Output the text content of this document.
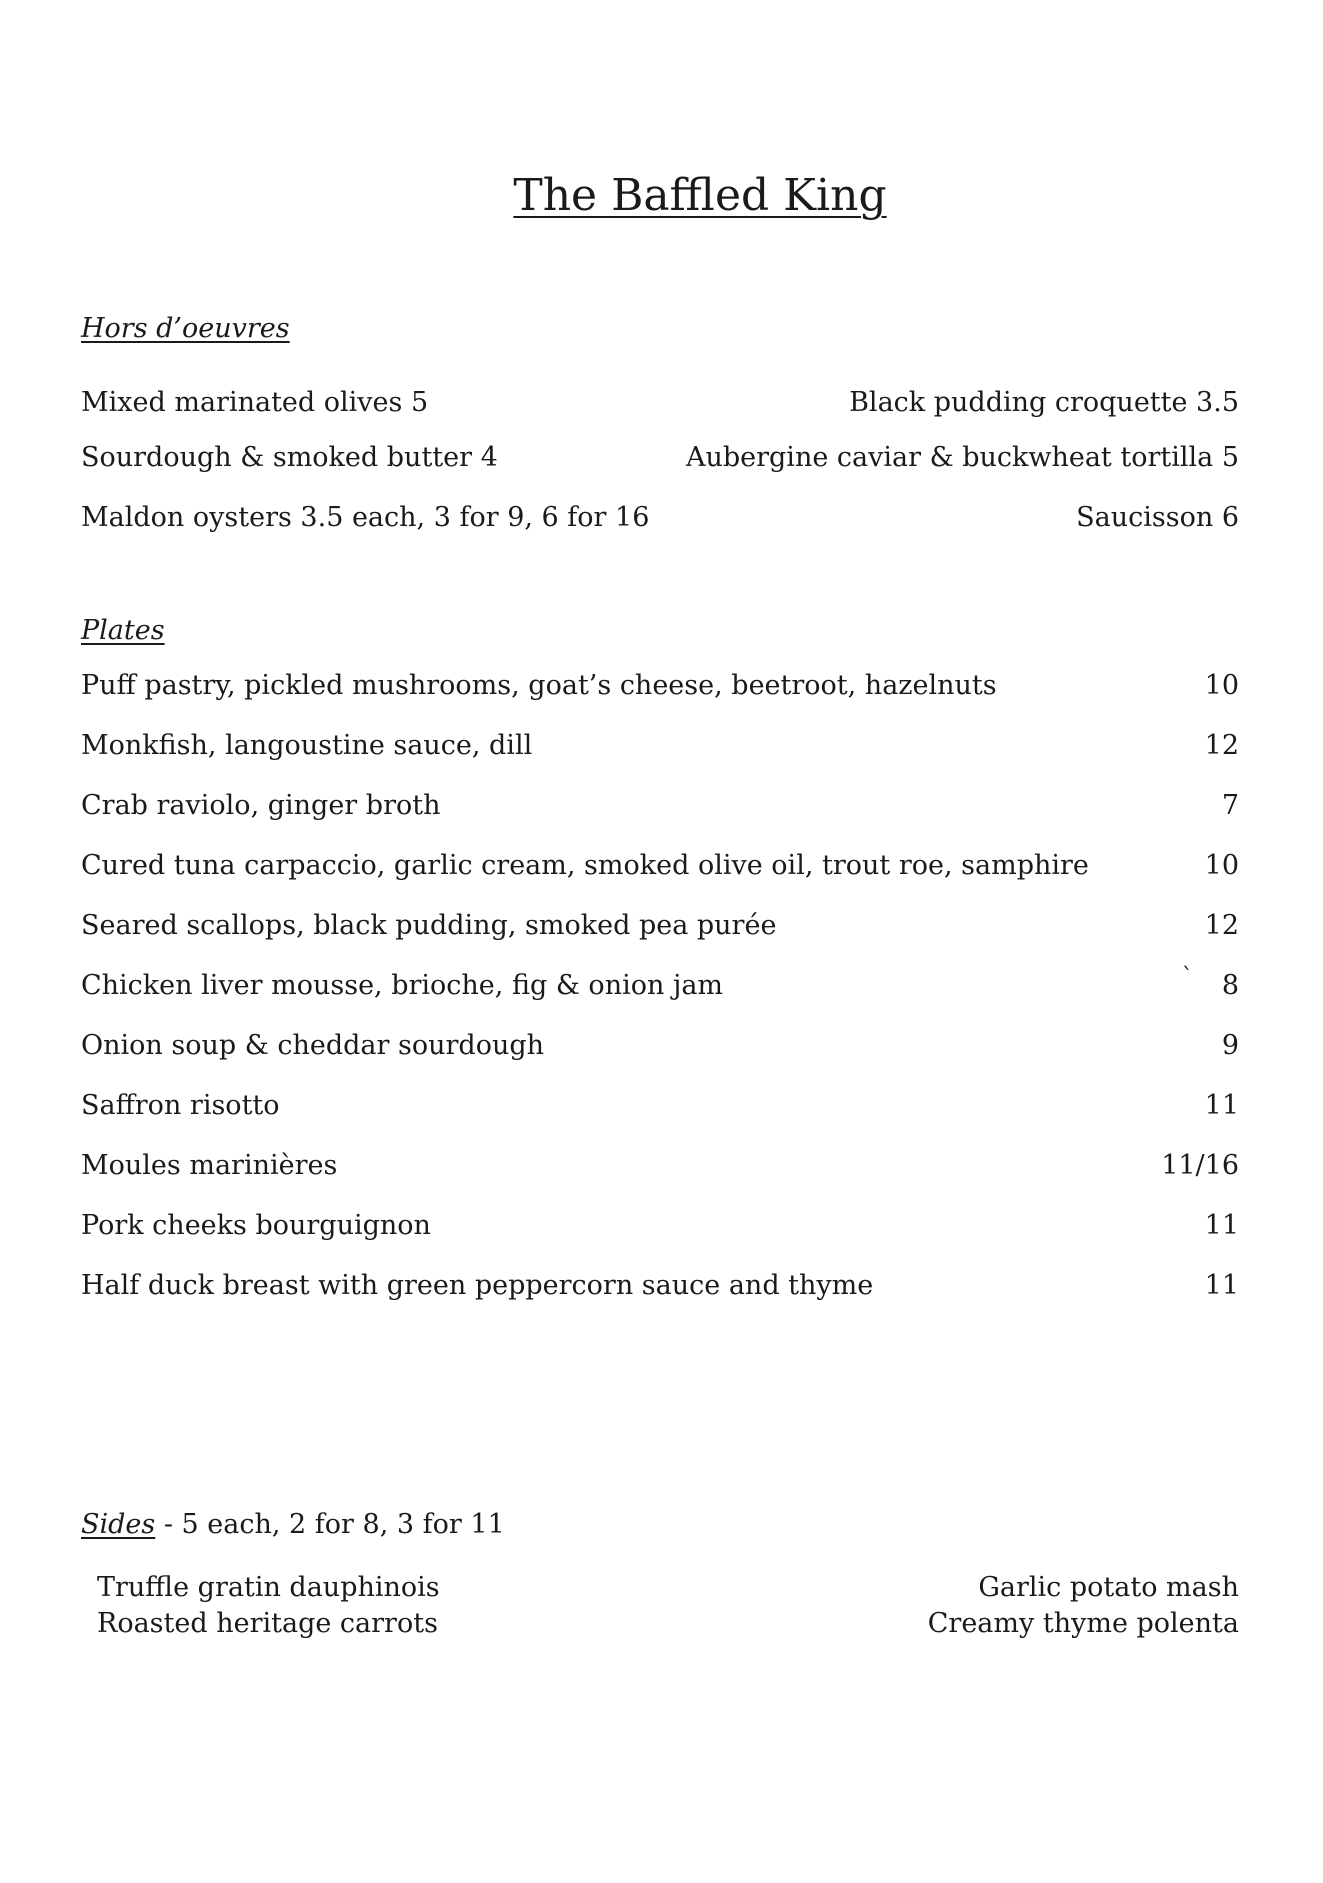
The Baffled King
Hors d’oeuvres
Mixed marinated olives 5	Black pudding croquette 3.5
Sourdough & smoked butter 4	Aubergine caviar & buckwheat tortilla 5
Maldon oysters 3.5 each, 3 for 9, 6 for 16	Saucisson 6
Plates
Puff pastry, pickled mushrooms, goat’s cheese, beetroot, hazelnuts	10
Monkfish, langoustine sauce, dill	12
Crab raviolo, ginger broth	7
Cured tuna carpaccio, garlic cream, smoked olive oil, trout roe, samphire	10
Seared scallops, black pudding, smoked pea purée	12
Chicken liver mousse, brioche, fig & onion jam	` 8
Onion soup & cheddar sourdough	9
Saffron risotto	11
Moules marinières	11/16
Pork cheeks bourguignon	11
Half duck breast with green peppercorn sauce and thyme	11
Sides - 5 each, 2 for 8, 3 for 11
Truffle gratin dauphinois	Garlic potato mash
Roasted heritage carrots	Creamy thyme polenta
